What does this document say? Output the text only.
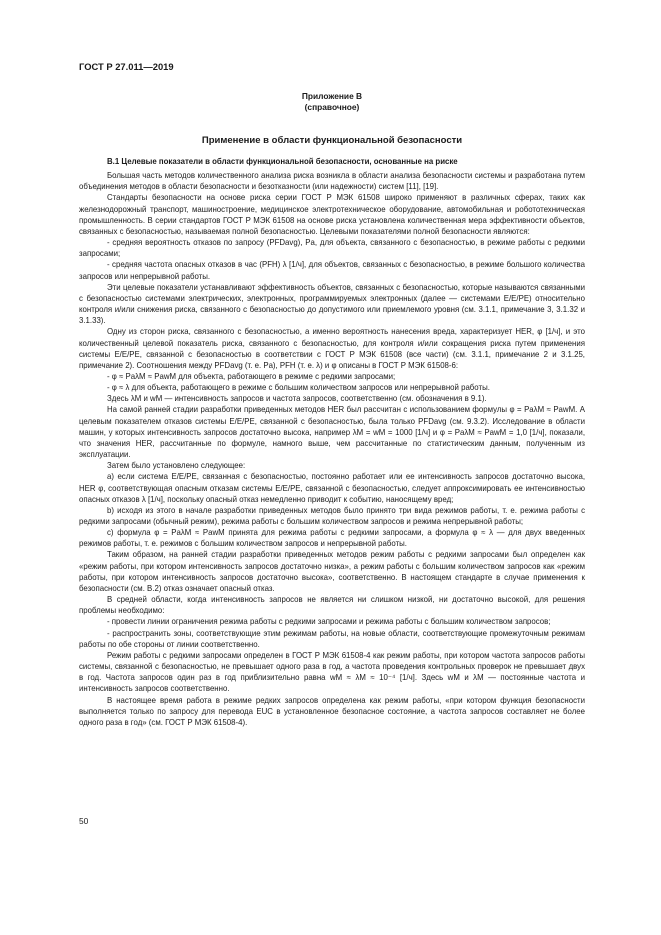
ГОСТ Р 27.011—2019
Приложение В
(справочное)
Применение в области функциональной безопасности

В.1 Целевые показатели в области функциональной безопасности, основанные на риске

Большая часть методов количественного анализа риска возникла в области анализа безопасности системы и разработана путем объединения методов в области безопасности и безотказности (или надежности) систем [11], [19].

Стандарты безопасности на основе риска серии ГОСТ Р МЭК 61508 широко применяют в различных сферах, таких как железнодорожный транспорт, машиностроение, медицинское электротехническое оборудование, автомобильная и робототехническая промышленность. В серии стандартов ГОСТ Р МЭК 61508 на основе риска установлена количественная мера эффективности объектов, связанных с безопасностью, называемая полной безопасностью. Целевыми показателями полной безопасности являются:

- средняя вероятность отказов по запросу (PFDavg), Pa, для объекта, связанного с безопасностью, в режиме работы с редкими запросами;

- средняя частота опасных отказов в час (PFH) λ [1/ч], для объектов, связанных с безопасностью, в режиме большого количества запросов или непрерывной работы.

Эти целевые показатели устанавливают эффективность объектов, связанных с безопасностью, которые называются связанными с безопасностью системами электрических, электронных, программируемых электронных (далее — системами E/E/PE) относительно контроля и/или снижения риска, связанного с безопасностью до допустимого или приемлемого уровня (см. 3.1.1, примечание 3, 3.1.32 и 3.1.33).

Одну из сторон риска, связанного с безопасностью, а именно вероятность нанесения вреда, характеризует HER, φ [1/ч], и это количественный целевой показатель риска, связанного с безопасностью, для контроля и/или сокращения риска путем применения системы E/E/PE, связанной с безопасностью в соответствии с ГОСТ Р МЭК 61508 (все части) (см. 3.1.1, примечание 2 и 3.1.25, примечание 2). Соотношения между PFDavg (т. е. Pa), PFH (т. е. λ) и φ описаны в ГОСТ Р МЭК 61508-6:

- φ ≈ PaλM ≈ PawM для объекта, работающего в режиме с редкими запросами;

- φ ≈ λ для объекта, работающего в режиме с большим количеством запросов или непрерывной работы.

Здесь λM и wM — интенсивность запросов и частота запросов, соответственно (см. обозначения в 9.1).

На самой ранней стадии разработки приведенных методов HER был рассчитан с использованием формулы φ = PaλM ≈ PawM. А целевым показателем отказов системы E/E/PE, связанной с безопасностью, была только PFDavg (см. 9.3.2). Исследование в области машин, у которых интенсивность запросов достаточно высока, например λM = wM = 1000 [1/ч] и φ = PaλM ≈ PawM = 1,0 [1/ч], показали, что значения HER, рассчитанные по формуле, намного выше, чем рассчитанные по статистическим данным, полученным из эксплуатации.

Затем было установлено следующее:

а) если система E/E/PE, связанная с безопасностью, постоянно работает или ее интенсивность запросов достаточно высока, HER φ, соответствующая опасным отказам системы E/E/PE, связанной с безопасностью, следует аппроксимировать ее интенсивностью опасных отказов λ [1/ч], поскольку опасный отказ немедленно приводит к событию, наносящему вред;

b) исходя из этого в начале разработки приведенных методов было принято три вида режимов работы, т. е. режима работы с редкими запросами (обычный режим), режима работы с большим количеством запросов и режима непрерывной работы;

c) формула φ = PaλM ≈ PawM принята для режима работы с редкими запросами, а формула φ ≈ λ — для двух введенных режимов работы, т. е. режимов с большим количеством запросов и непрерывной работы.

Таким образом, на ранней стадии разработки приведенных методов режим работы с редкими запросами был определен как «режим работы, при котором интенсивность запросов достаточно низка», а режим работы с большим количеством запросов как «режим работы, при котором интенсивность запросов достаточно высока», соответственно. В настоящем стандарте в случае применения к безопасности (см. В.2) отказ означает опасный отказ.

В средней области, когда интенсивность запросов не является ни слишком низкой, ни достаточно высокой, для решения проблемы необходимо:

- провести линии ограничения режима работы с редкими запросами и режима работы с большим количеством запросов;

- распространить зоны, соответствующие этим режимам работы, на новые области, соответствующие промежуточным режимам работы по обе стороны от линии соответственно.

Режим работы с редкими запросами определен в ГОСТ Р МЭК 61508-4 как режим работы, при котором частота запросов работы системы, связанной с безопасностью, не превышает одного раза в год, а частота проведения контрольных проверок не превышает двух в год. Частота запросов один раз в год приблизительно равна wM ≈ λM ≈ 10⁻⁴ [1/ч]. Здесь wM и λM — постоянные частота и интенсивность запросов соответственно.

В настоящее время работа в режиме редких запросов определена как режим работы, «при котором функция безопасности выполняется только по запросу для перевода EUC в установленное безопасное состояние, а частота запросов составляет не более одного раза в год» (см. ГОСТ Р МЭК 61508-4).

50
